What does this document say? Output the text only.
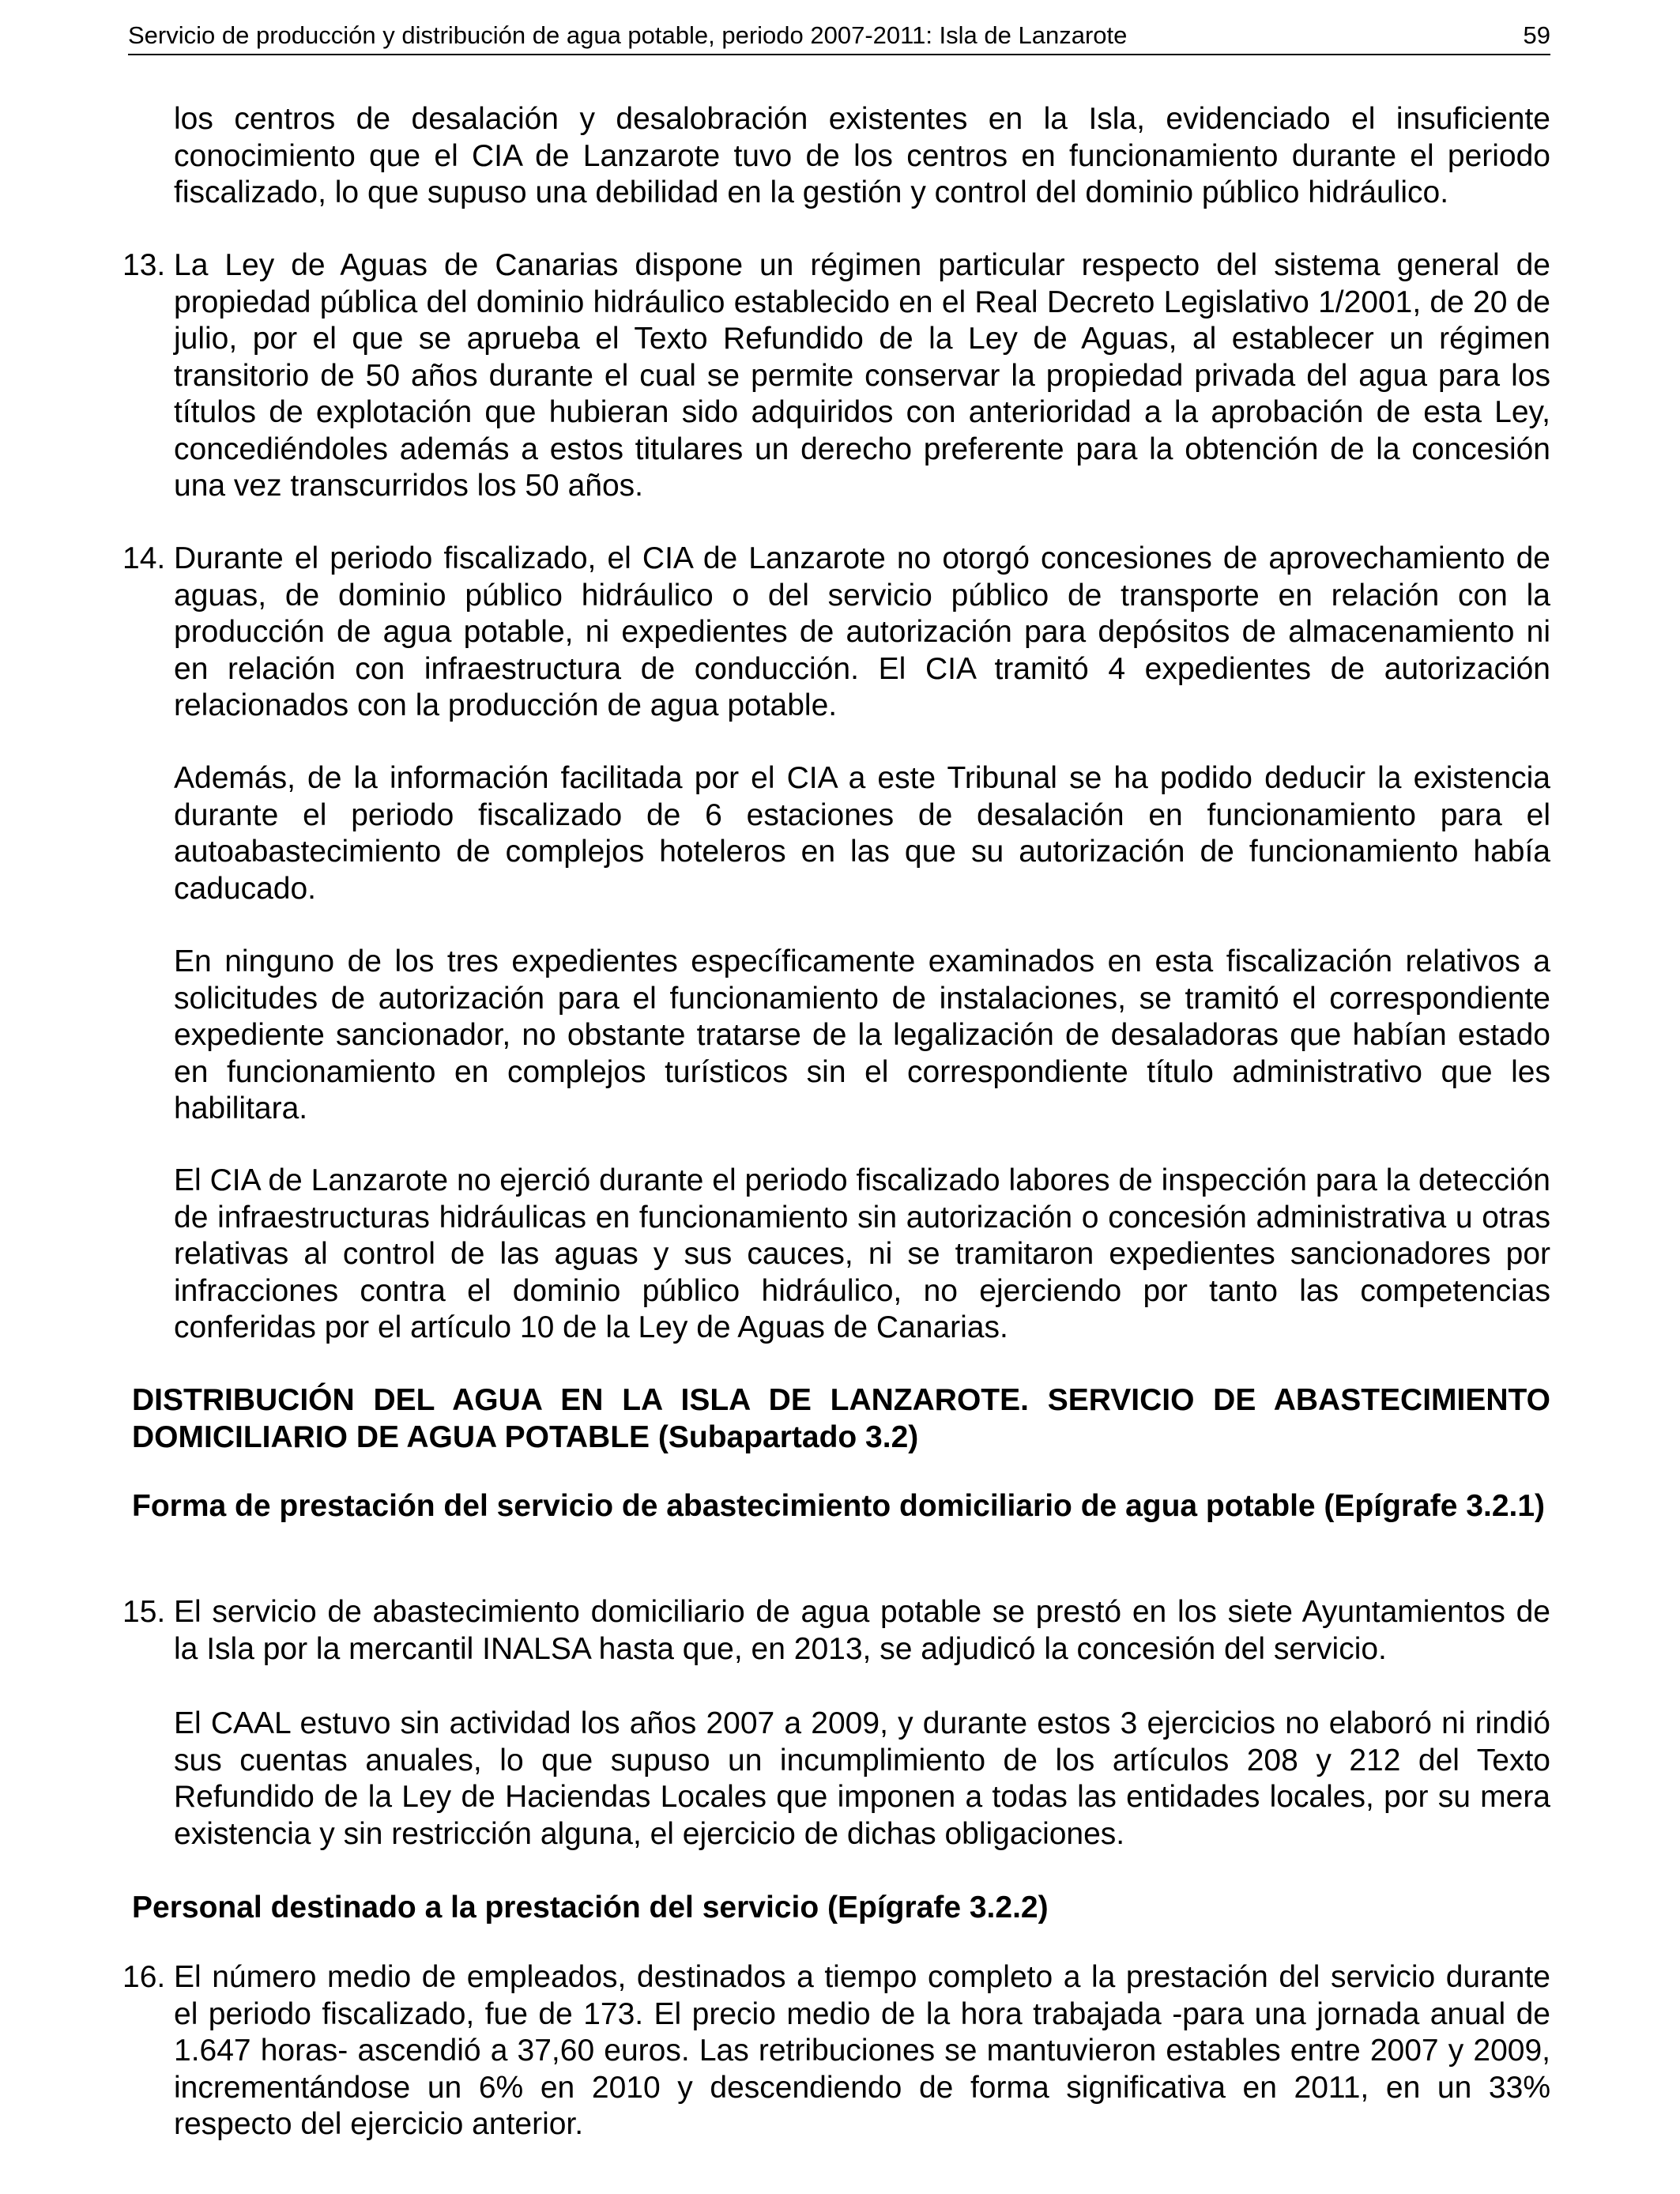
Servicio de producción y distribución de agua potable, periodo 2007-2011: Isla de Lanzarote	59

los centros de desalación y desalobración existentes en la Isla, evidenciado el insuficiente conocimiento que el CIA de Lanzarote tuvo de los centros en funcionamiento durante el periodo fiscalizado, lo que supuso una debilidad en la gestión y control del dominio público hidráulico.

13. La Ley de Aguas de Canarias dispone un régimen particular respecto del sistema general de propiedad pública del dominio hidráulico establecido en el Real Decreto Legislativo 1/2001, de 20 de julio, por el que se aprueba el Texto Refundido de la Ley de Aguas, al establecer un régimen transitorio de 50 años durante el cual se permite conservar la propiedad privada del agua para los títulos de explotación que hubieran sido adquiridos con anterioridad a la aprobación de esta Ley, concediéndoles además a estos titulares un derecho preferente para la obtención de la concesión una vez transcurridos los 50 años.
14. Durante el periodo fiscalizado, el CIA de Lanzarote no otorgó concesiones de aprovechamiento de aguas, de dominio público hidráulico o del servicio público de transporte en relación con la producción de agua potable, ni expedientes de autorización para depósitos de almacenamiento ni en relación con infraestructura de conducción. El CIA tramitó 4 expedientes de autorización relacionados con la producción de agua potable.

Además, de la información facilitada por el CIA a este Tribunal se ha podido deducir la existencia durante el periodo fiscalizado de 6 estaciones de desalación en funcionamiento para el autoabastecimiento de complejos hoteleros en las que su autorización de funcionamiento había caducado.

En ninguno de los tres expedientes específicamente examinados en esta fiscalización relativos a solicitudes de autorización para el funcionamiento de instalaciones, se tramitó el correspondiente expediente sancionador, no obstante tratarse de la legalización de desaladoras que habían estado en funcionamiento en complejos turísticos sin el correspondiente título administrativo que les habilitara.

El CIA de Lanzarote no ejerció durante el periodo fiscalizado labores de inspección para la detección de infraestructuras hidráulicas en funcionamiento sin autorización o concesión administrativa u otras relativas al control de las aguas y sus cauces, ni se tramitaron expedientes sancionadores por infracciones contra el dominio público hidráulico, no ejerciendo por tanto las competencias conferidas por el artículo 10 de la Ley de Aguas de Canarias.

DISTRIBUCIÓN DEL AGUA EN LA ISLA DE LANZAROTE. SERVICIO DE ABASTECIMIENTO DOMICILIARIO DE AGUA POTABLE (Subapartado 3.2)
Forma de prestación del servicio de abastecimiento domiciliario de agua potable (Epígrafe 3.2.1)
15. El servicio de abastecimiento domiciliario de agua potable se prestó en los siete Ayuntamientos de la Isla por la mercantil INALSA hasta que, en 2013, se adjudicó la concesión del servicio.

El CAAL estuvo sin actividad los años 2007 a 2009, y durante estos 3 ejercicios no elaboró ni rindió sus cuentas anuales, lo que supuso un incumplimiento de los artículos 208 y 212 del Texto Refundido de la Ley de Haciendas Locales que imponen a todas las entidades locales, por su mera existencia y sin restricción alguna, el ejercicio de dichas obligaciones.

Personal destinado a la prestación del servicio (Epígrafe 3.2.2)
16. El número medio de empleados, destinados a tiempo completo a la prestación del servicio durante el periodo fiscalizado, fue de 173. El precio medio de la hora trabajada -para una jornada anual de 1.647 horas- ascendió a 37,60 euros. Las retribuciones se mantuvieron estables entre 2007 y 2009, incrementándose un 6% en 2010 y descendiendo de forma significativa en 2011, en un 33% respecto del ejercicio anterior.
